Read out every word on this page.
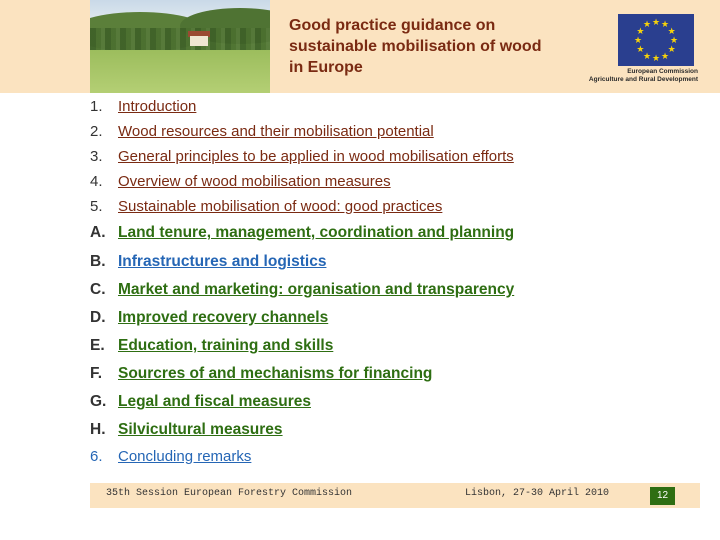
Good practice guidance on
sustainable mobilisation of wood
in Europe
★ ★
★
★
★
★
★
★
★
★
★
★
European Commission
Agriculture and Rural Development
1.	Introduction
2.	Wood resources and their mobilisation potential
3.	General principles to be applied in wood mobilisation efforts
4.	Overview of wood mobilisation measures
5.	Sustainable mobilisation of wood: good practices
A. Land tenure, management, coordination and planning
B. Infrastructures and logistics
C. Market and marketing: organisation and transparency
D. Improved recovery channels
E. Education, training and skills
F.	Sourcres of and mechanisms for financing
G. Legal and fiscal measures
H. Silvicultural measures
6.	Concluding remarks
35th Session European Forestry Commission	Lisbon, 27-30 April 2010	12
